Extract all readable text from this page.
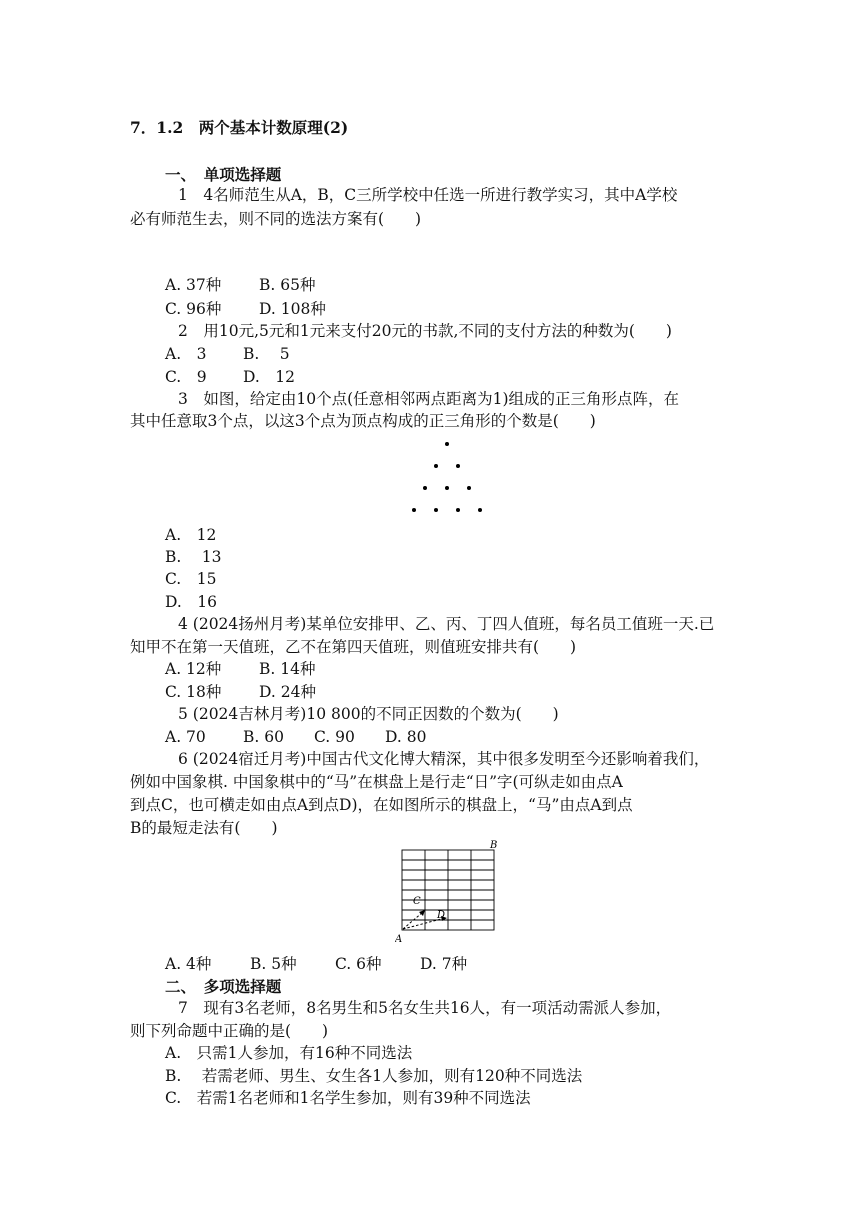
7．1.2　两个基本计数原理(2)
一、　单项选择题
1　4名师范生从A，B，C三所学校中任选一所进行教学实习，其中A学校
必有师范生去，则不同的选法方案有(　　)
A. 37种 B. 65种
C. 96种 D. 108种
2　用10元,5元和1元来支付20元的书款,不同的支付方法的种数为(　　)
A.　3 B.　 5
C.　9 D.　12
3　如图，给定由10个点(任意相邻两点距离为1)组成的正三角形点阵，在
其中任意取3个点，以这3个点为顶点构成的正三角形的个数是(　　)
A.　12
B.　 13
C.　15
D.　16
4 (2024扬州月考)某单位安排甲、乙、丙、丁四人值班，每名员工值班一天.已
知甲不在第一天值班，乙不在第四天值班，则值班安排共有(　　)
A. 12种 B. 14种
C. 18种 D. 24种
5 (2024吉林月考)10 800的不同正因数的个数为(　　)
A. 70 B. 60 C. 90 D. 80
6 (2024宿迁月考)中国古代文化博大精深，其中很多发明至今还影响着我们，
例如中国象棋. 中国象棋中的“马”在棋盘上是行走“日”字(可纵走如由点A
到点C，也可横走如由点A到点D)，在如图所示的棋盘上，“马”由点A到点
B的最短走法有(　　)
B
C
D
A
A. 4种 B. 5种 C. 6种 D. 7种
二、　多项选择题
7　现有3名老师，8名男生和5名女生共16人，有一项活动需派人参加，
则下列命题中正确的是(　　)
A.　只需1人参加，有16种不同选法
B.　 若需老师、男生、女生各1人参加，则有120种不同选法
C.　若需1名老师和1名学生参加，则有39种不同选法
